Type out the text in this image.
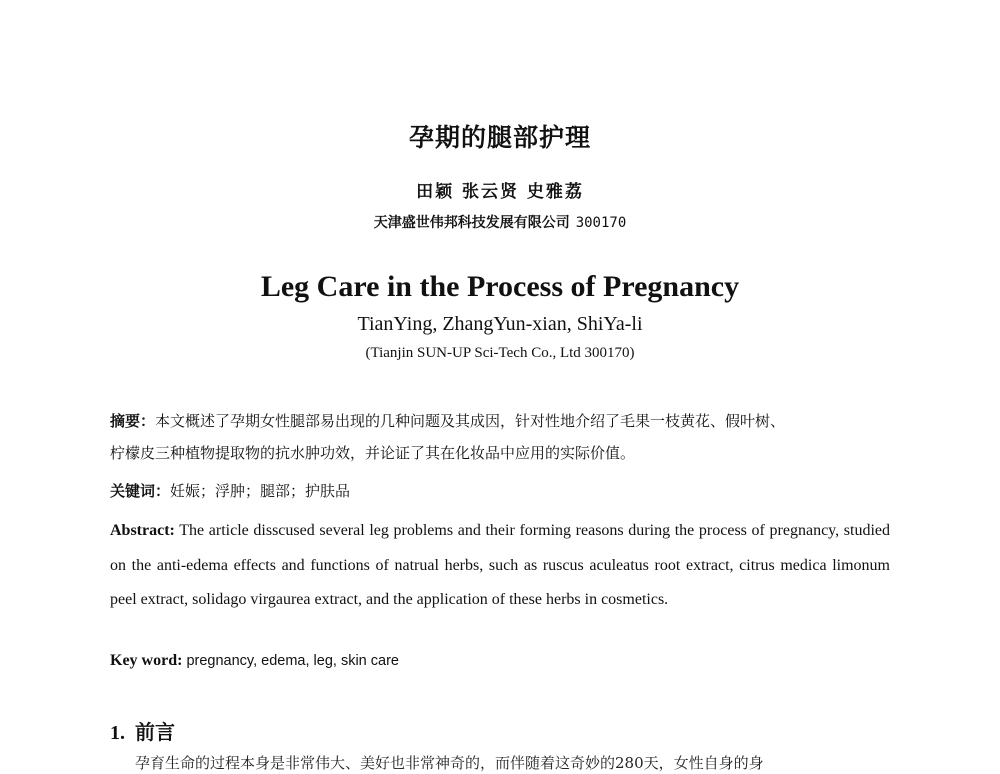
孕期的腿部护理
田颖 张云贤 史雅荔
天津盛世伟邦科技发展有限公司 300170
Leg Care in the Process of Pregnancy
TianYing, ZhangYun-xian, ShiYa-li
(Tianjin SUN-UP Sci-Tech Co., Ltd 300170)
摘要：本文概述了孕期女性腿部易出现的几种问题及其成因，针对性地介绍了毛果一枝黄花、假叶树、
柠檬皮三种植物提取物的抗水肿功效，并论证了其在化妆品中应用的实际价值。
关键词：妊娠；浮肿；腿部；护肤品
Abstract: The article disscused several leg problems and their forming reasons during the process of pregnancy, studied on the anti-edema effects and functions of natrual herbs, such as ruscus aculeatus root extract, citrus medica limonum peel extract, solidago virgaurea extract, and the application of these herbs in cosmetics.
Key word: pregnancy, edema, leg, skin care
1. 前言
孕育生命的过程本身是非常伟大、美好也非常神奇的，而伴随着这奇妙的280天，女性自身的身
